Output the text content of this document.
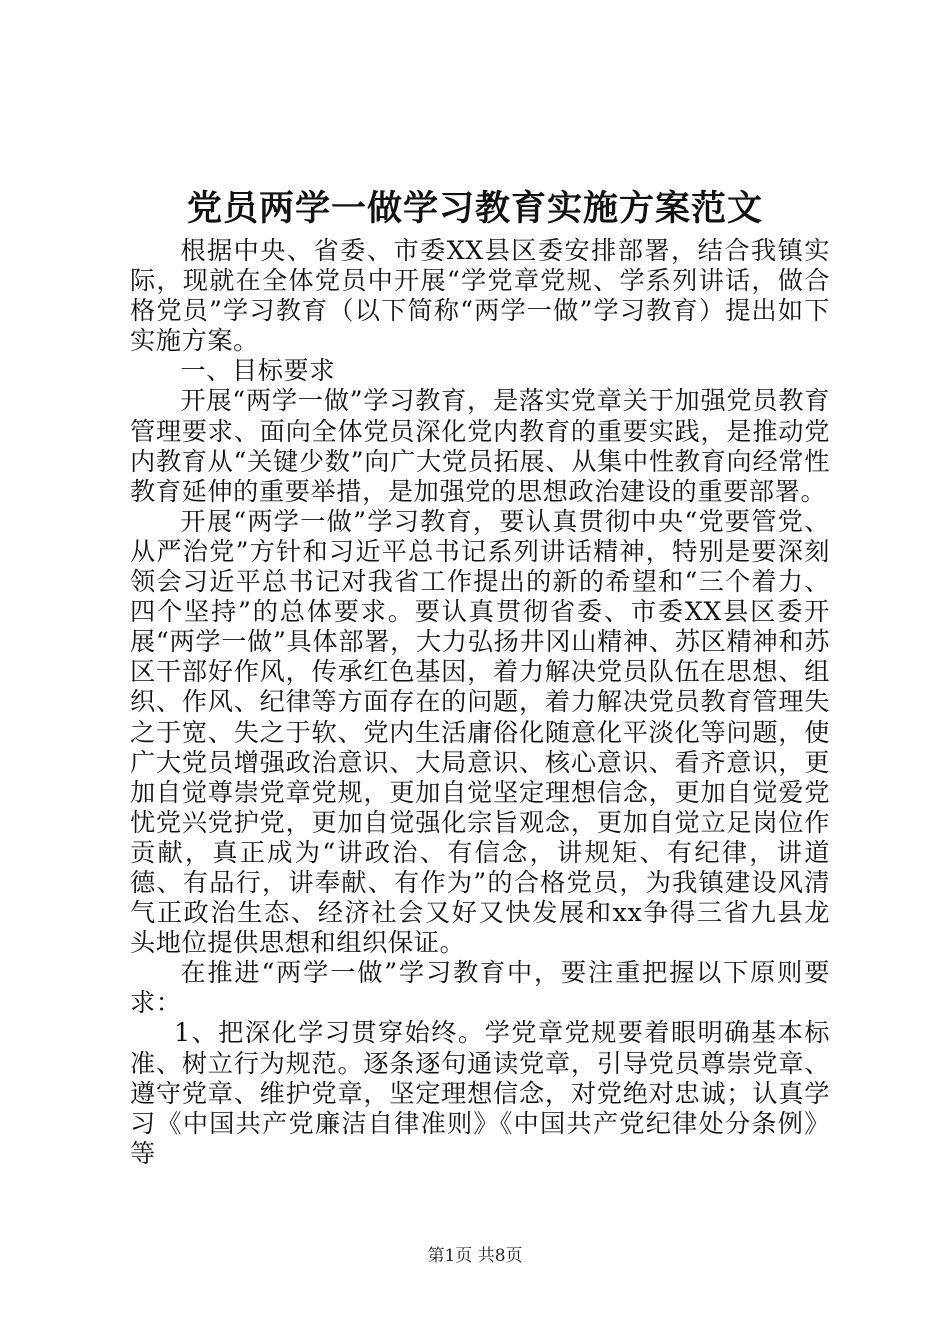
党员两学一做学习教育实施方案范文

根据中央、省委、市委XX县区委安排部署，结合我镇实际，现就在全体党员中开展“学党章党规、学系列讲话，做合格党员”学习教育（以下简称“两学一做”学习教育）提出如下实施方案。

一、目标要求

开展“两学一做”学习教育，是落实党章关于加强党员教育管理要求、面向全体党员深化党内教育的重要实践，是推动党内教育从“关键少数”向广大党员拓展、从集中性教育向经常性教育延伸的重要举措，是加强党的思想政治建设的重要部署。

开展“两学一做”学习教育，要认真贯彻中央“党要管党、从严治党”方针和习近平总书记系列讲话精神，特别是要深刻领会习近平总书记对我省工作提出的新的希望和“三个着力、四个坚持”的总体要求。要认真贯彻省委、市委XX县区委开展“两学一做”具体部署，大力弘扬井冈山精神、苏区精神和苏区干部好作风，传承红色基因，着力解决党员队伍在思想、组织、作风、纪律等方面存在的问题，着力解决党员教育管理失之于宽、失之于软、党内生活庸俗化随意化平淡化等问题，使广大党员增强政治意识、大局意识、核心意识、看齐意识，更加自觉尊崇党章党规，更加自觉坚定理想信念，更加自觉爱党忧党兴党护党，更加自觉强化宗旨观念，更加自觉立足岗位作贡献，真正成为“讲政治、有信念，讲规矩、有纪律，讲道德、有品行，讲奉献、有作为”的合格党员，为我镇建设风清气正政治生态、经济社会又好又快发展和xx争得三省九县龙头地位提供思想和组织保证。

在推进“两学一做”学习教育中，要注重把握以下原则要求：

1、把深化学习贯穿始终。学党章党规要着眼明确基本标准、树立行为规范。逐条逐句通读党章，引导党员尊崇党章、遵守党章、维护党章，坚定理想信念，对党绝对忠诚；认真学习《中国共产党廉洁自律准则》《中国共产党纪律处分条例》等

第1页 共8页
